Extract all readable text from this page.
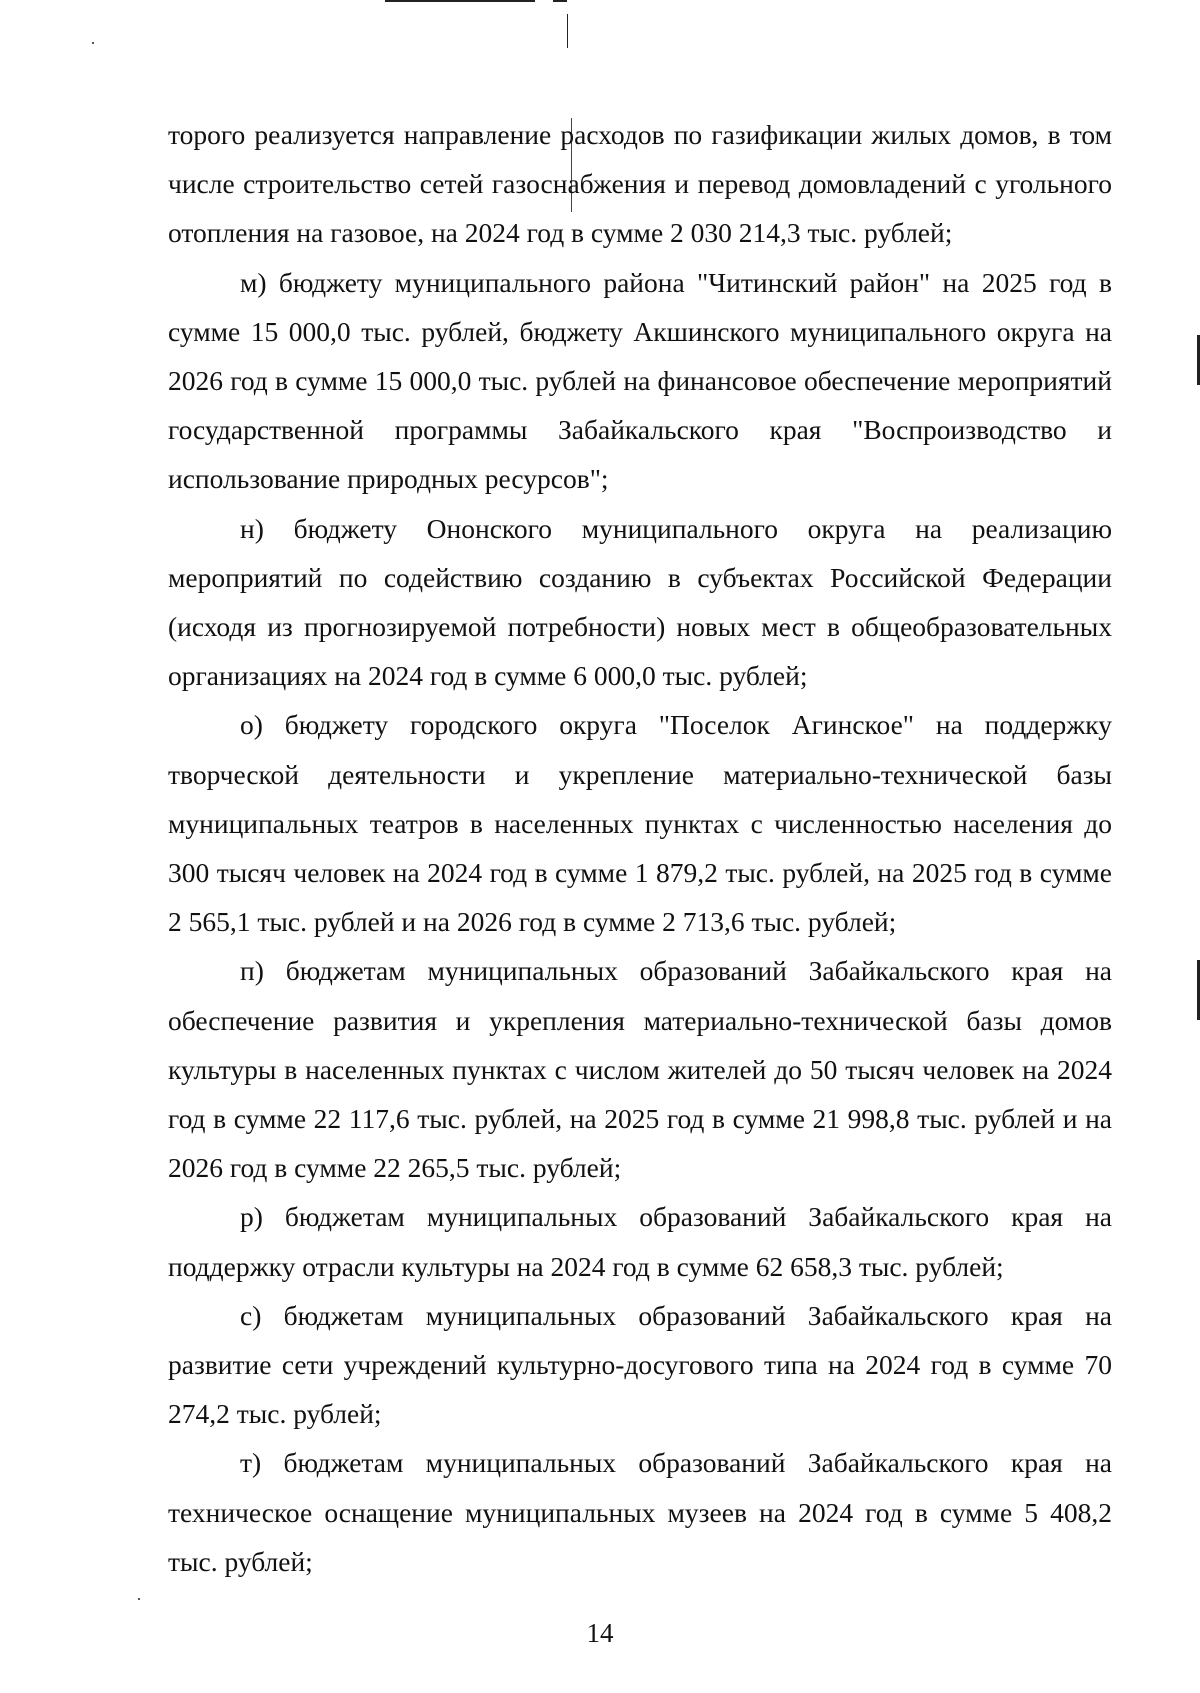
торого реализуется направление расходов по газификации жилых домов, в том числе строительство сетей газоснабжения и перевод домовладений с угольного отопления на газовое, на 2024 год в сумме 2 030 214,3 тыс. рублей;

м) бюджету муниципального района "Читинский район" на 2025 год в сумме 15 000,0 тыс. рублей, бюджету Акшинского муниципального округа на 2026 год в сумме 15 000,0 тыс. рублей на финансовое обеспечение мероприятий государственной программы Забайкальского края "Воспроизводство и использование природных ресурсов";

н) бюджету Ононского муниципального округа на реализацию мероприятий по содействию созданию в субъектах Российской Федерации (исходя из прогнозируемой потребности) новых мест в общеобразовательных организациях на 2024 год в сумме 6 000,0 тыс. рублей;

о) бюджету городского округа "Поселок Агинское" на поддержку творческой деятельности и укрепление материально-технической базы муниципальных театров в населенных пунктах с численностью населения до 300 тысяч человек на 2024 год в сумме 1 879,2 тыс. рублей, на 2025 год в сумме 2 565,1 тыс. рублей и на 2026 год в сумме 2 713,6 тыс. рублей;

п) бюджетам муниципальных образований Забайкальского края на обеспечение развития и укрепления материально-технической базы домов культуры в населенных пунктах с числом жителей до 50 тысяч человек на 2024 год в сумме 22 117,6 тыс. рублей, на 2025 год в сумме 21 998,8 тыс. рублей и на 2026 год в сумме 22 265,5 тыс. рублей;

р) бюджетам муниципальных образований Забайкальского края на поддержку отрасли культуры на 2024 год в сумме 62 658,3 тыс. рублей;

с) бюджетам муниципальных образований Забайкальского края на развитие сети учреждений культурно-досугового типа на 2024 год в сумме 70 274,2 тыс. рублей;

т) бюджетам муниципальных образований Забайкальского края на техническое оснащение муниципальных музеев на 2024 год в сумме 5 408,2 тыс. рублей;

14
